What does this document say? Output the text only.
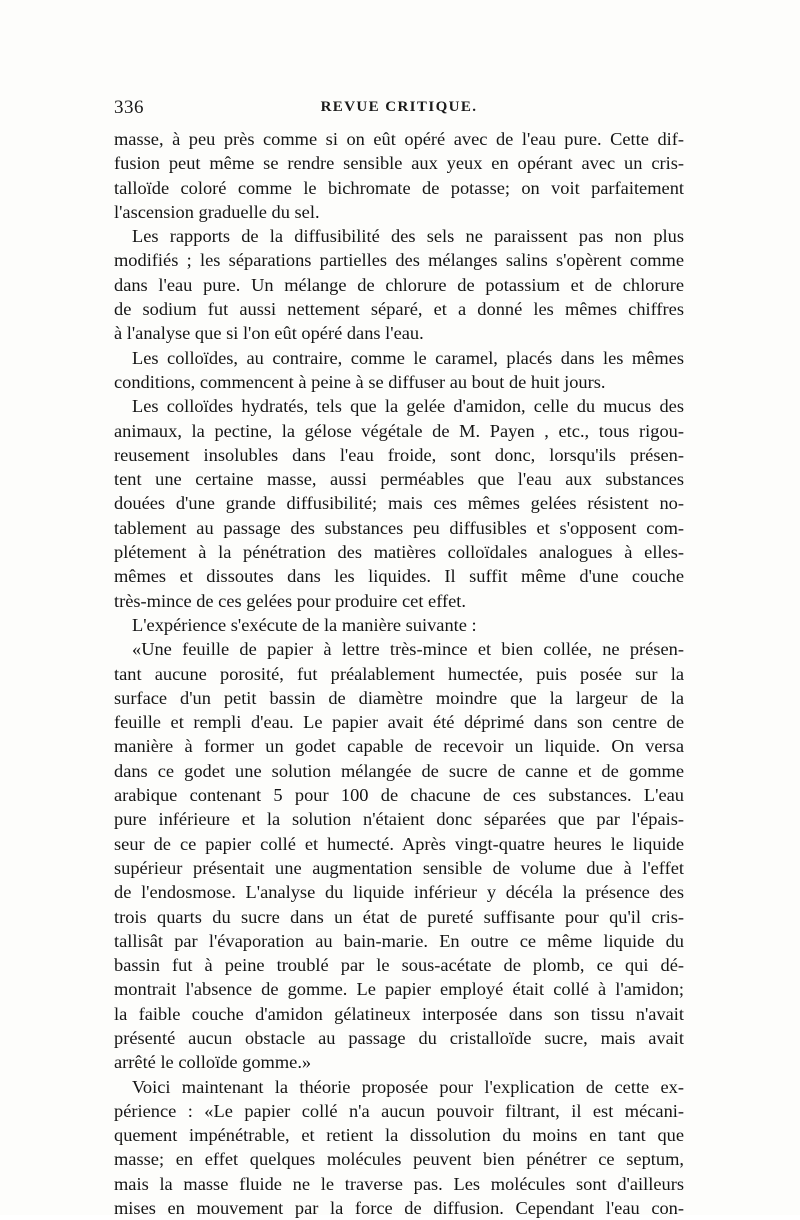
336	REVUE CRITIQUE.
masse, à peu près comme si on eût opéré avec de l'eau pure. Cette dif-
fusion peut même se rendre sensible aux yeux en opérant avec un cris-
talloïde coloré comme le bichromate de potasse; on voit parfaitement
l'ascension graduelle du sel.
Les rapports de la diffusibilité des sels ne paraissent pas non plus
modifiés ; les séparations partielles des mélanges salins s'opèrent comme
dans l'eau pure. Un mélange de chlorure de potassium et de chlorure
de sodium fut aussi nettement séparé, et a donné les mêmes chiffres
à l'analyse que si l'on eût opéré dans l'eau.
Les colloïdes, au contraire, comme le caramel, placés dans les mêmes
conditions, commencent à peine à se diffuser au bout de huit jours.
Les colloïdes hydratés, tels que la gelée d'amidon, celle du mucus des
animaux, la pectine, la gélose végétale de M. Payen , etc., tous rigou-
reusement insolubles dans l'eau froide, sont donc, lorsqu'ils présen-
tent une certaine masse, aussi perméables que l'eau aux substances
douées d'une grande diffusibilité; mais ces mêmes gelées résistent no-
tablement au passage des substances peu diffusibles et s'opposent com-
plétement à la pénétration des matières colloïdales analogues à elles-
mêmes et dissoutes dans les liquides. Il suffit même d'une couche
très-mince de ces gelées pour produire cet effet.
L'expérience s'exécute de la manière suivante :
«Une feuille de papier à lettre très-mince et bien collée, ne présen-
tant aucune porosité, fut préalablement humectée, puis posée sur la
surface d'un petit bassin de diamètre moindre que la largeur de la
feuille et rempli d'eau. Le papier avait été déprimé dans son centre de
manière à former un godet capable de recevoir un liquide. On versa
dans ce godet une solution mélangée de sucre de canne et de gomme
arabique contenant 5 pour 100 de chacune de ces substances. L'eau
pure inférieure et la solution n'étaient donc séparées que par l'épais-
seur de ce papier collé et humecté. Après vingt-quatre heures le liquide
supérieur présentait une augmentation sensible de volume due à l'effet
de l'endosmose. L'analyse du liquide inférieur y décéla la présence des
trois quarts du sucre dans un état de pureté suffisante pour qu'il cris-
tallisât par l'évaporation au bain-marie. En outre ce même liquide du
bassin fut à peine troublé par le sous-acétate de plomb, ce qui dé-
montrait l'absence de gomme. Le papier employé était collé à l'amidon;
la faible couche d'amidon gélatineux interposée dans son tissu n'avait
présenté aucun obstacle au passage du cristalloïde sucre, mais avait
arrêté le colloïde gomme.»
Voici maintenant la théorie proposée pour l'explication de cette ex-
périence : «Le papier collé n'a aucun pouvoir filtrant, il est mécani-
quement impénétrable, et retient la dissolution du moins en tant que
masse; en effet quelques molécules peuvent bien pénétrer ce septum,
mais la masse fluide ne le traverse pas. Les molécules sont d'ailleurs
mises en mouvement par la force de diffusion. Cependant l'eau con-
